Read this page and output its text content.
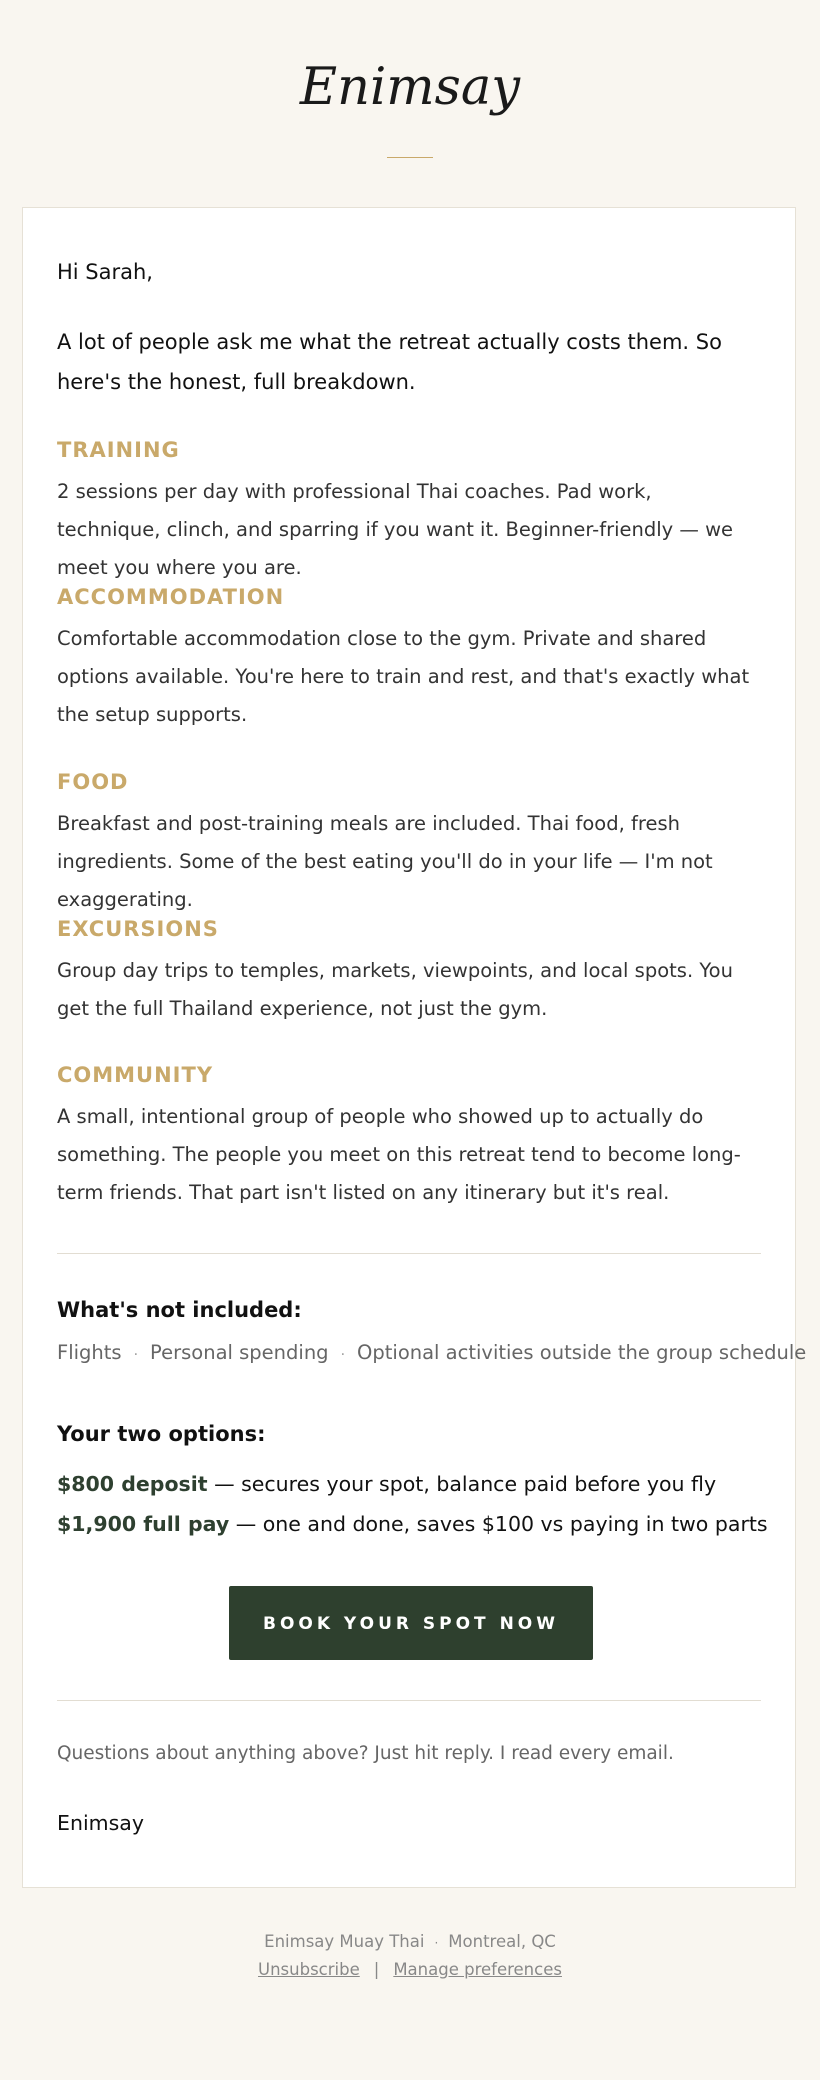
Enimsay
Hi Sarah,
A lot of people ask me what the retreat actually costs them. So here's the honest, full breakdown.
TRAINING
2 sessions per day with professional Thai coaches. Pad work, technique, clinch, and sparring if you want it. Beginner-friendly — we meet you where you are.
ACCOMMODATION
Comfortable accommodation close to the gym. Private and shared options available. You're here to train and rest, and that's exactly what the setup supports.
FOOD
Breakfast and post-training meals are included. Thai food, fresh ingredients. Some of the best eating you'll do in your life — I'm not exaggerating.
EXCURSIONS
Group day trips to temples, markets, viewpoints, and local spots. You get the full Thailand experience, not just the gym.
COMMUNITY
A small, intentional group of people who showed up to actually do something. The people you meet on this retreat tend to become long-term friends. That part isn't listed on any itinerary but it's real.
What's not included:
Flights · Personal spending · Optional activities outside the group schedule
Your two options:
$800 deposit — secures your spot, balance paid before you fly
$1,900 full pay — one and done, saves $100 vs paying in two parts
BOOK YOUR SPOT NOW
Questions about anything above? Just hit reply. I read every email.
Enimsay
Enimsay Muay Thai · Montreal, QC
Unsubscribe | Manage preferences
